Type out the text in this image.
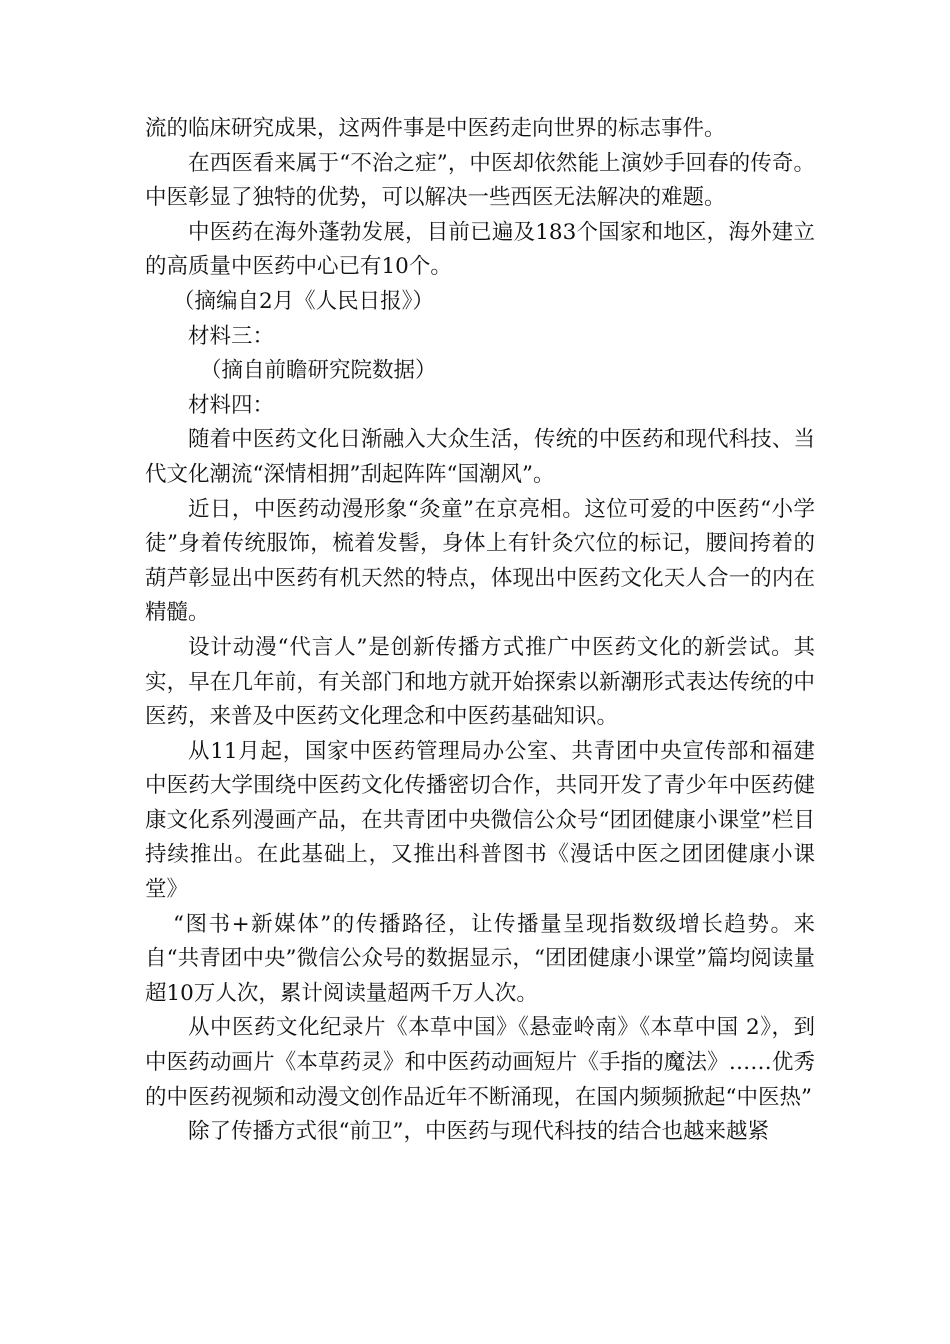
流的临床研究成果，这两件事是中医药走向世界的标志事件。

在西医看来属于“不治之症”，中医却依然能上演妙手回春的传奇。中医彰显了独特的优势，可以解决一些西医无法解决的难题。

中医药在海外蓬勃发展，目前已遍及183个国家和地区，海外建立的高质量中医药中心已有10个。

（摘编自2月《人民日报》）

材料三：

（摘自前瞻研究院数据）

材料四：

随着中医药文化日渐融入大众生活，传统的中医药和现代科技、当代文化潮流“深情相拥”刮起阵阵“国潮风”。

近日，中医药动漫形象“灸童”在京亮相。这位可爱的中医药“小学徒”身着传统服饰，梳着发髻，身体上有针灸穴位的标记，腰间挎着的葫芦彰显出中医药有机天然的特点，体现出中医药文化天人合一的内在精髓。

设计动漫“代言人”是创新传播方式推广中医药文化的新尝试。其实，早在几年前，有关部门和地方就开始探索以新潮形式表达传统的中医药，来普及中医药文化理念和中医药基础知识。

从11月起，国家中医药管理局办公室、共青团中央宣传部和福建中医药大学围绕中医药文化传播密切合作，共同开发了青少年中医药健康文化系列漫画产品，在共青团中央微信公众号“团团健康小课堂”栏目持续推出。在此基础上，又推出科普图书《漫话中医之团团健康小课堂》

“图书+新媒体”的传播路径，让传播量呈现指数级增长趋势。来自“共青团中央”微信公众号的数据显示，“团团健康小课堂”篇均阅读量超10万人次，累计阅读量超两千万人次。

从中医药文化纪录片《本草中国》《悬壶岭南》《本草中国 2》，到中医药动画片《本草药灵》和中医药动画短片《手指的魔法》……优秀的中医药视频和动漫文创作品近年不断涌现，在国内频频掀起“中医热”

除了传播方式很“前卫”，中医药与现代科技的结合也越来越紧
